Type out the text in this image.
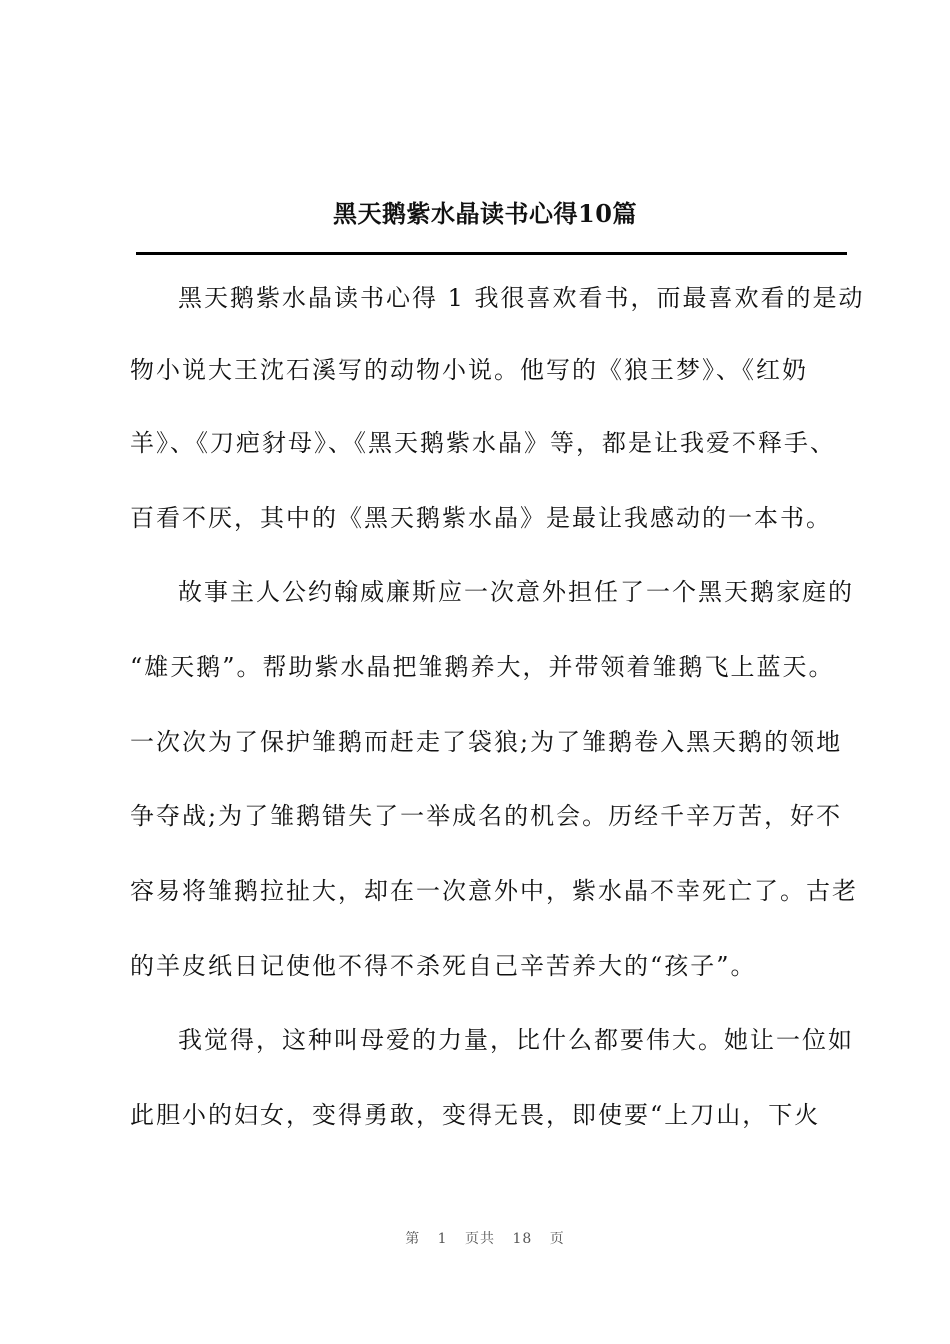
黑天鹅紫水晶读书心得10篇
黑天鹅紫水晶读书心得 1 我很喜欢看书，而最喜欢看的是动
物小说大王沈石溪写的动物小说。他写的《狼王梦》、《红奶
羊》、《刀疤豺母》、《黑天鹅紫水晶》等，都是让我爱不释手、
百看不厌，其中的《黑天鹅紫水晶》是最让我感动的一本书。
故事主人公约翰威廉斯应一次意外担任了一个黑天鹅家庭的
“雄天鹅”。帮助紫水晶把雏鹅养大，并带领着雏鹅飞上蓝天。
一次次为了保护雏鹅而赶走了袋狼;为了雏鹅卷入黑天鹅的领地
争夺战;为了雏鹅错失了一举成名的机会。历经千辛万苦，好不
容易将雏鹅拉扯大，却在一次意外中，紫水晶不幸死亡了。古老
的羊皮纸日记使他不得不杀死自己辛苦养大的“孩子”。
我觉得，这种叫母爱的力量，比什么都要伟大。她让一位如
此胆小的妇女，变得勇敢，变得无畏，即使要“上刀山，下火
第 1 页共 18 页
